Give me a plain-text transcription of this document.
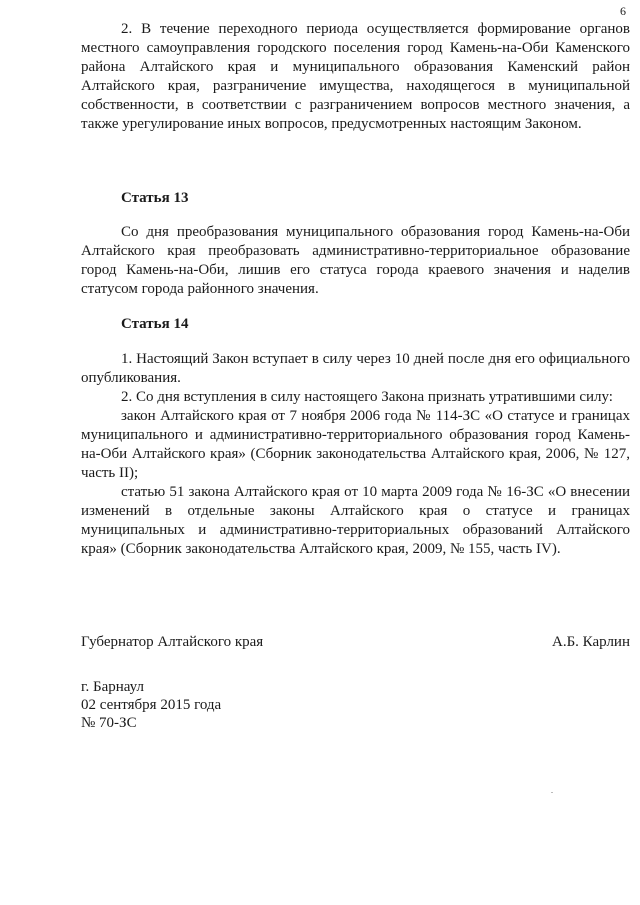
6

2. В течение переходного периода осуществляется формирование органов местного самоуправления городского поселения город Камень-на-Оби Каменского района Алтайского края и муниципального образования Каменский район Алтайского края, разграничение имущества, находящегося в муниципальной собственности, в соответствии с разграничением вопросов местного значения, а также урегулирование иных вопросов, предусмотренных настоящим Законом.

Статья 13

Со дня преобразования муниципального образования город Камень-на-Оби Алтайского края преобразовать административно-территориальное образование город Камень-на-Оби, лишив его статуса города краевого значения и наделив статусом города районного значения.

Статья 14

1. Настоящий Закон вступает в силу через 10 дней после дня его официального опубликования.

2. Со дня вступления в силу настоящего Закона признать утратившими силу:

закон Алтайского края от 7 ноября 2006 года № 114-ЗС «О статусе и границах муниципального и административно-территориального образования город Камень-на-Оби Алтайского края» (Сборник законодательства Алтайского края, 2006, № 127, часть II);

статью 51 закона Алтайского края от 10 марта 2009 года № 16-ЗС «О внесении изменений в отдельные законы Алтайского края о статусе и границах муниципальных и административно-территориальных образований Алтайского края» (Сборник законодательства Алтайского края, 2009, № 155, часть IV).

Губернатор Алтайского края	А.Б. Карлин
г. Барнаул
02 сентября 2015 года
№ 70-ЗС
